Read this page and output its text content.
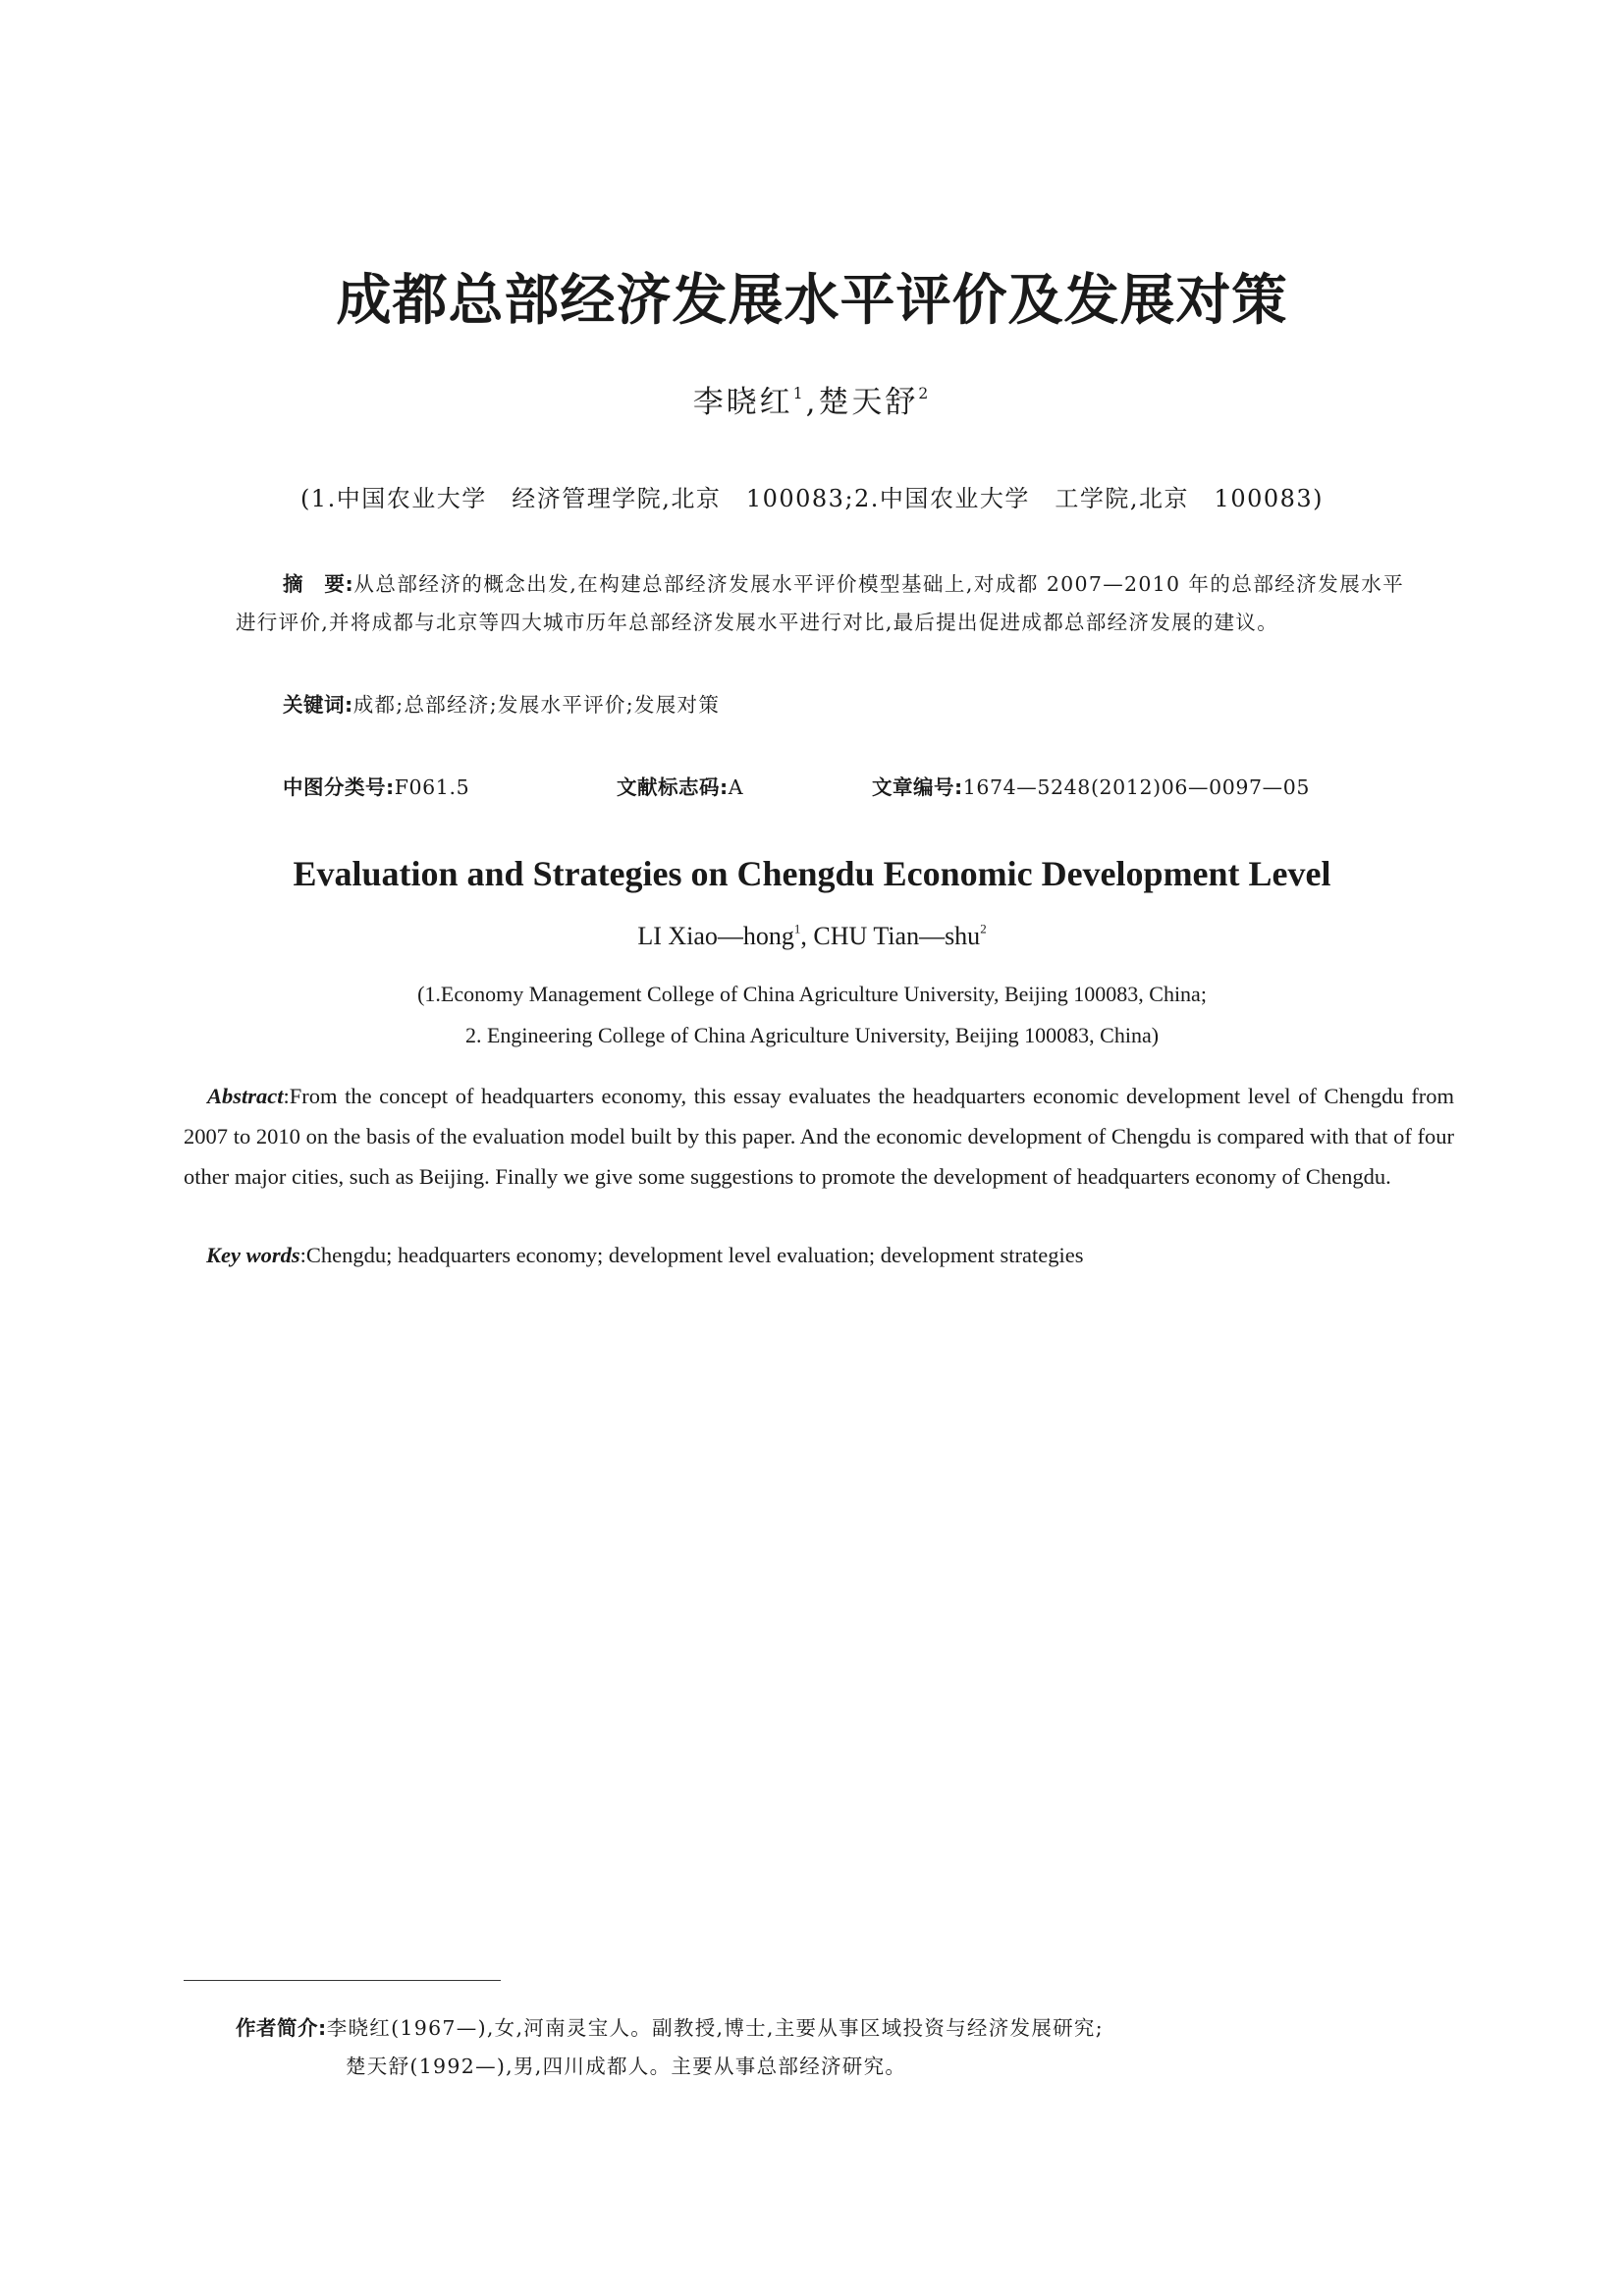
成都总部经济发展水平评价及发展对策
李晓红$^1$,楚天舒$^2$
(1.中国农业大学　经济管理学院,北京　100083;2.中国农业大学　工学院,北京　100083)
摘　要:从总部经济的概念出发,在构建总部经济发展水平评价模型基础上,对成都 2007—2010 年的总部经济发展水平进行评价,并将成都与北京等四大城市历年总部经济发展水平进行对比,最后提出促进成都总部经济发展的建议。
关键词:成都;总部经济;发展水平评价;发展对策
中图分类号:F061.5	文献标志码:A	文章编号:1674—5248(2012)06—0097—05
Evaluation and Strategies on Chengdu Economic Development Level
LI Xiao—hong$^1$, CHU Tian—shu$^2$
(1.Economy Management College of China Agriculture University, Beijing 100083, China;
2. Engineering College of China Agriculture University, Beijing 100083, China)
Abstract:From the concept of headquarters economy, this essay evaluates the headquarters economic development level of Chengdu from 2007 to 2010 on the basis of the evaluation model built by this paper. And the economic development of Chengdu is compared with that of four other major cities, such as Beijing. Finally we give some suggestions to promote the development of headquarters economy of Chengdu.
Key words:Chengdu; headquarters economy; development level evaluation; development strategies
作者简介:李晓红(1967—),女,河南灵宝人。副教授,博士,主要从事区域投资与经济发展研究;
楚天舒(1992—),男,四川成都人。主要从事总部经济研究。
